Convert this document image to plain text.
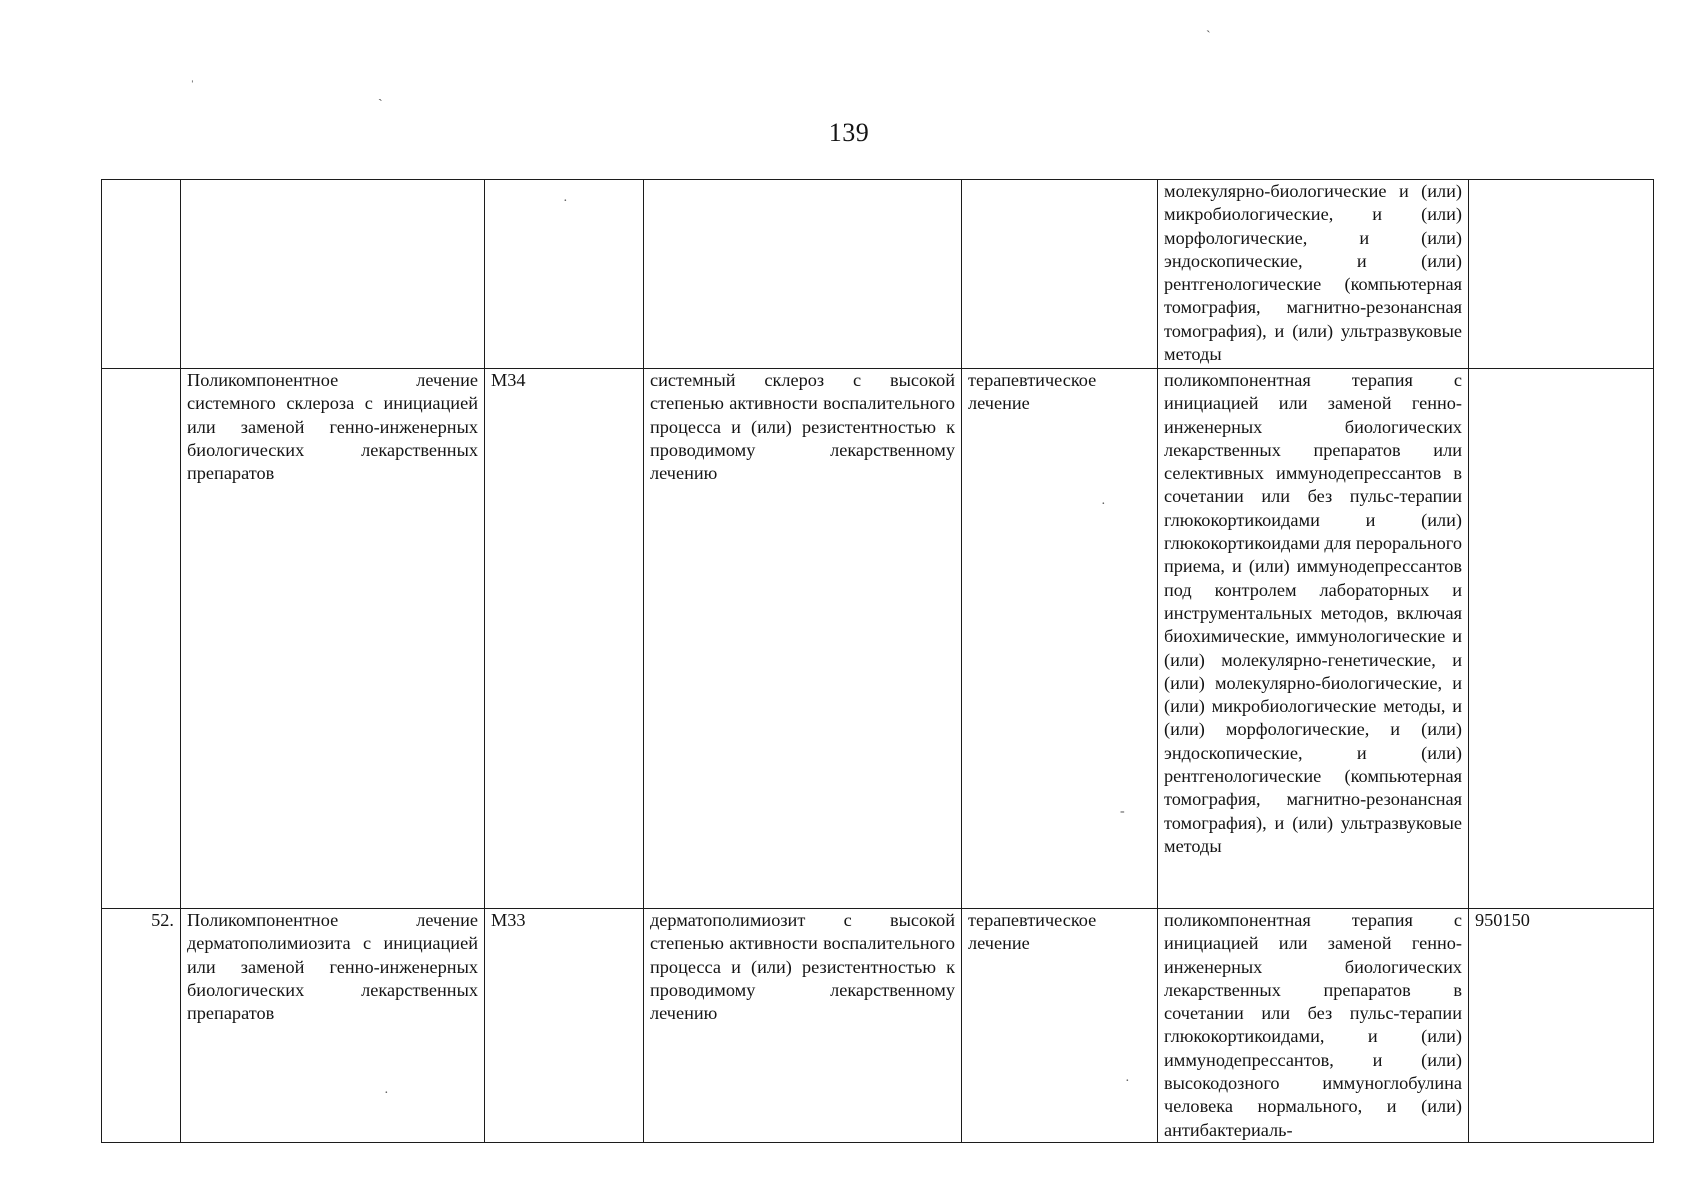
139
					молекулярно-биологические и (или) микробиологические, и (или) морфологические, и (или) эндоскопические, и (или) рентгенологические (компьютерная томография, магнитно-резонансная томография), и (или) ультразвуковые методы	
	Поликомпонентное лечение системного склероза с инициацией или заменой генно-инженерных биологических лекарственных препаратов	M34	системный склероз с высокой степенью активности воспалительного процесса и (или) резистентностью к проводимому лекарственному лечению	терапевтическое лечение	поликомпонентная терапия с инициацией или заменой генно-инженерных биологических лекарственных препаратов или селективных иммунодепрессантов в сочетании или без пульс-терапии глюкокортикоидами и (или) глюкокортикоидами для перорального приема, и (или) иммунодепрессантов под контролем лабораторных и инструментальных методов, включая биохимические, иммунологические и (или) молекулярно-генетические, и (или) молекулярно-биологические, и (или) микробиологические методы, и (или) морфологические, и (или) эндоскопические, и (или) рентгенологические (компьютерная томография, магнитно-резонансная томография), и (или) ультразвуковые методы	
52.	Поликомпонентное лечение дерматополимиозита с инициацией или заменой генно-инженерных биологических лекарственных препаратов	M33	дерматополимиозит с высокой степенью активности воспалительного процесса и (или) резистентностью к проводимому лекарственному лечению	терапевтическое лечение	поликомпонентная терапия с инициацией или заменой генно-инженерных биологических лекарственных препаратов в сочетании или без пульс-терапии глюкокортикоидами, и (или) иммунодепрессантов, и (или) высокодозного иммуноглобулина человека нормального, и (или) антибактериаль-	950150
ˈ
ˎ
ˋ
·
·
-
·
·
